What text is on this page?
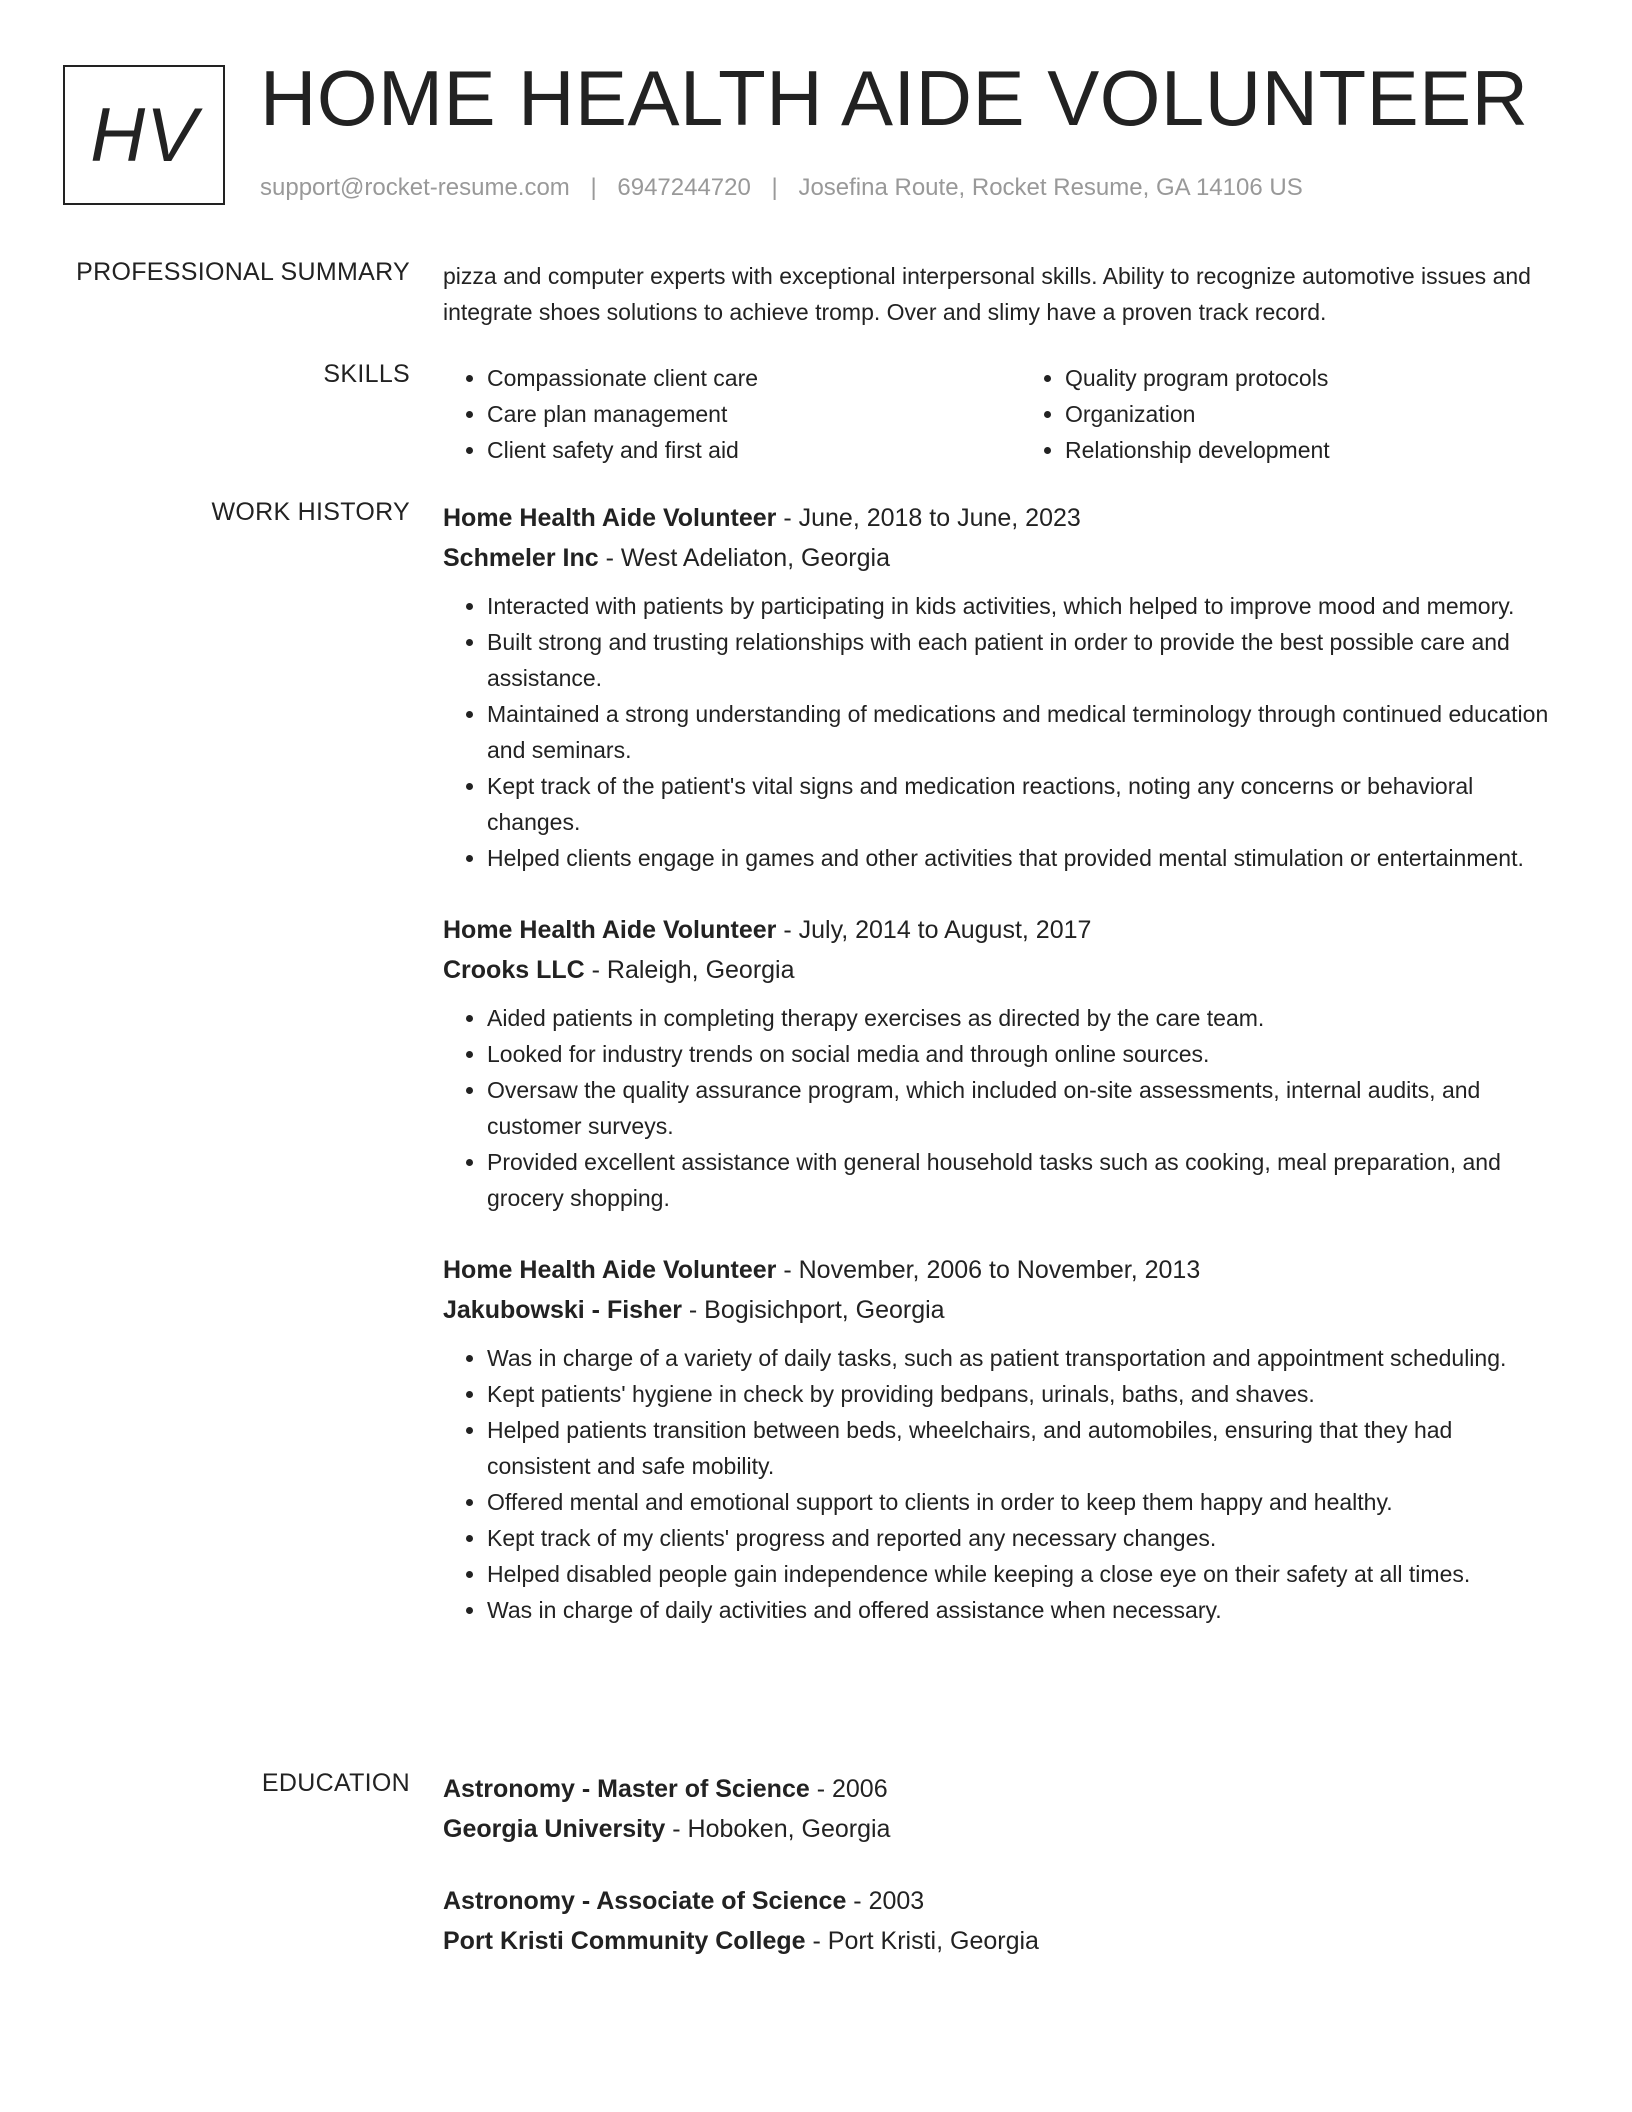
HV HOME HEALTH AIDE VOLUNTEER
support@rocket-resume.com | 6947244720 | Josefina Route, Rocket Resume, GA 14106 US
PROFESSIONAL SUMMARY pizza and computer experts with exceptional interpersonal skills. Ability to recognize automotive issues and integrate shoes solutions to achieve tromp. Over and slimy have a proven track record.

SKILLS
•	Compassionate client care
• Care plan management
• Client safety and first aid
• Quality program protocols
• Organization
• Relationship development
WORK HISTORY Home Health Aide Volunteer - June, 2018 to June, 2023
Schmeler Inc - West Adeliaton, Georgia
• Interacted with patients by participating in kids activities, which helped to improve mood and memory.
• Built strong and trusting relationships with each patient in order to provide the best possible care and assistance.
• Maintained a strong understanding of medications and medical terminology through continued education and seminars.
• Kept track of the patient's vital signs and medication reactions, noting any concerns or behavioral changes.
• Helped clients engage in games and other activities that provided mental stimulation or entertainment.
Home Health Aide Volunteer - July, 2014 to August, 2017
Crooks LLC - Raleigh, Georgia
• Aided patients in completing therapy exercises as directed by the care team.
• Looked for industry trends on social media and through online sources.
• Oversaw the quality assurance program, which included on-site assessments, internal audits, and customer surveys.
• Provided excellent assistance with general household tasks such as cooking, meal preparation, and grocery shopping.
Home Health Aide Volunteer - November, 2006 to November, 2013
Jakubowski - Fisher - Bogisichport, Georgia
• Was in charge of a variety of daily tasks, such as patient transportation and appointment scheduling.
• Kept patients' hygiene in check by providing bedpans, urinals, baths, and shaves.
• Helped patients transition between beds, wheelchairs, and automobiles, ensuring that they had consistent and safe mobility.
• Offered mental and emotional support to clients in order to keep them happy and healthy.
• Kept track of my clients' progress and reported any necessary changes.
• Helped disabled people gain independence while keeping a close eye on their safety at all times.
• Was in charge of daily activities and offered assistance when necessary.
EDUCATION Astronomy - Master of Science - 2006
Georgia University - Hoboken, Georgia
Astronomy - Associate of Science - 2003
Port Kristi Community College - Port Kristi, Georgia
